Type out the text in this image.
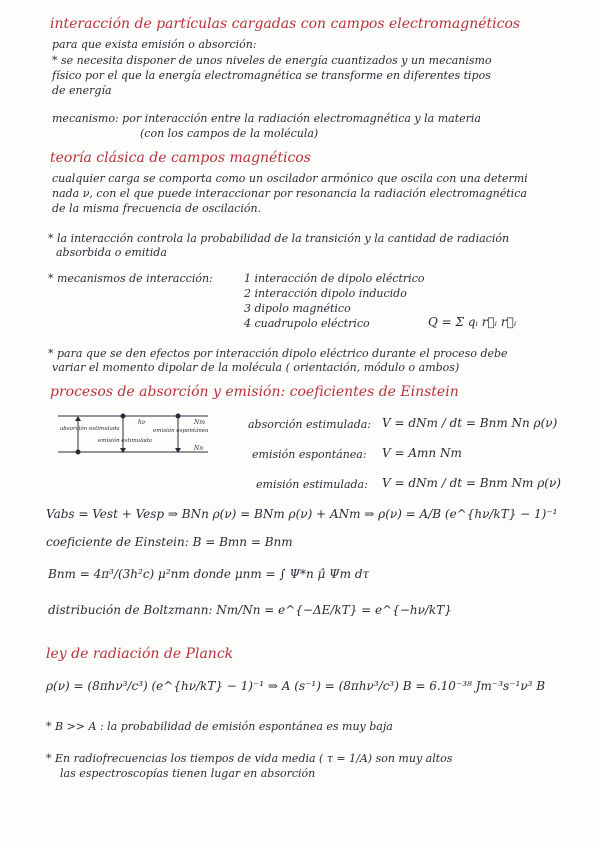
interacción de partículas cargadas con campos electromagnéticos
para que exista emisión o absorción:
* se necesita disponer de unos niveles de energía cuantizados y un mecanismo
físico por el que la energía electromagnética se transforme en diferentes tipos
de energía
mecanismo: por interacción entre la radiación electromagnética y la materia
(con los campos de la molécula)
teoría clásica de campos magnéticos
cualquier carga se comporta como un oscilador armónico que oscila con una determi
nada ν, con el que puede interaccionar por resonancia la radiación electromagnética
de la misma frecuencia de oscilación.
* la interacción controla la probabilidad de la transición y la cantidad de radiación
absorbida o emitida
* mecanismos de interacción:	1 interacción de dipolo eléctrico
2 interacción dipolo inducido
3 dipolo magnético
4 cuadrupolo eléctrico	Q = Σ qᵢ r⃗ᵢ r⃗ᵢ
* para que se den efectos por interacción dipolo eléctrico durante el proceso debe
variar el momento dipolar de la molécula ( orientación, módulo o ambos)
procesos de absorción y emisión: coeficientes de Einstein
absorción estimulada
emisión estimulada
emisión espontánea
hν	Nm
Nn
absorción estimulada: V = dNm / dt = Bnm Nn ρ(ν)
emisión espontánea: V = Amn Nm
emisión estimulada: V = dNm / dt = Bnm Nm ρ(ν)
Vabs = Vest + Vesp ⇒ BNn ρ(ν) = BNm ρ(ν) + ANm ⇒ ρ(ν) = A/B (e^{hν/kT} − 1)⁻¹
coeficiente de Einstein: B = Bmn = Bnm
Bnm = 4π³/(3h²c) μ²nm donde μnm = ∫ Ψ*n μ̂ Ψm dτ
distribución de Boltzmann: Nm/Nn = e^{−ΔE/kT} = e^{−hν/kT}
ley de radiación de Planck
ρ(ν) = (8πhν³/c³) (e^{hν/kT} − 1)⁻¹ ⇒ A (s⁻¹) = (8πhν³/c³) B = 6.10⁻³⁸ Jm⁻³s⁻¹ν³ B
* B >> A : la probabilidad de emisión espontánea es muy baja
* En radiofrecuencias los tiempos de vida media ( τ = 1/A) son muy altos
las espectroscopías tienen lugar en absorción
